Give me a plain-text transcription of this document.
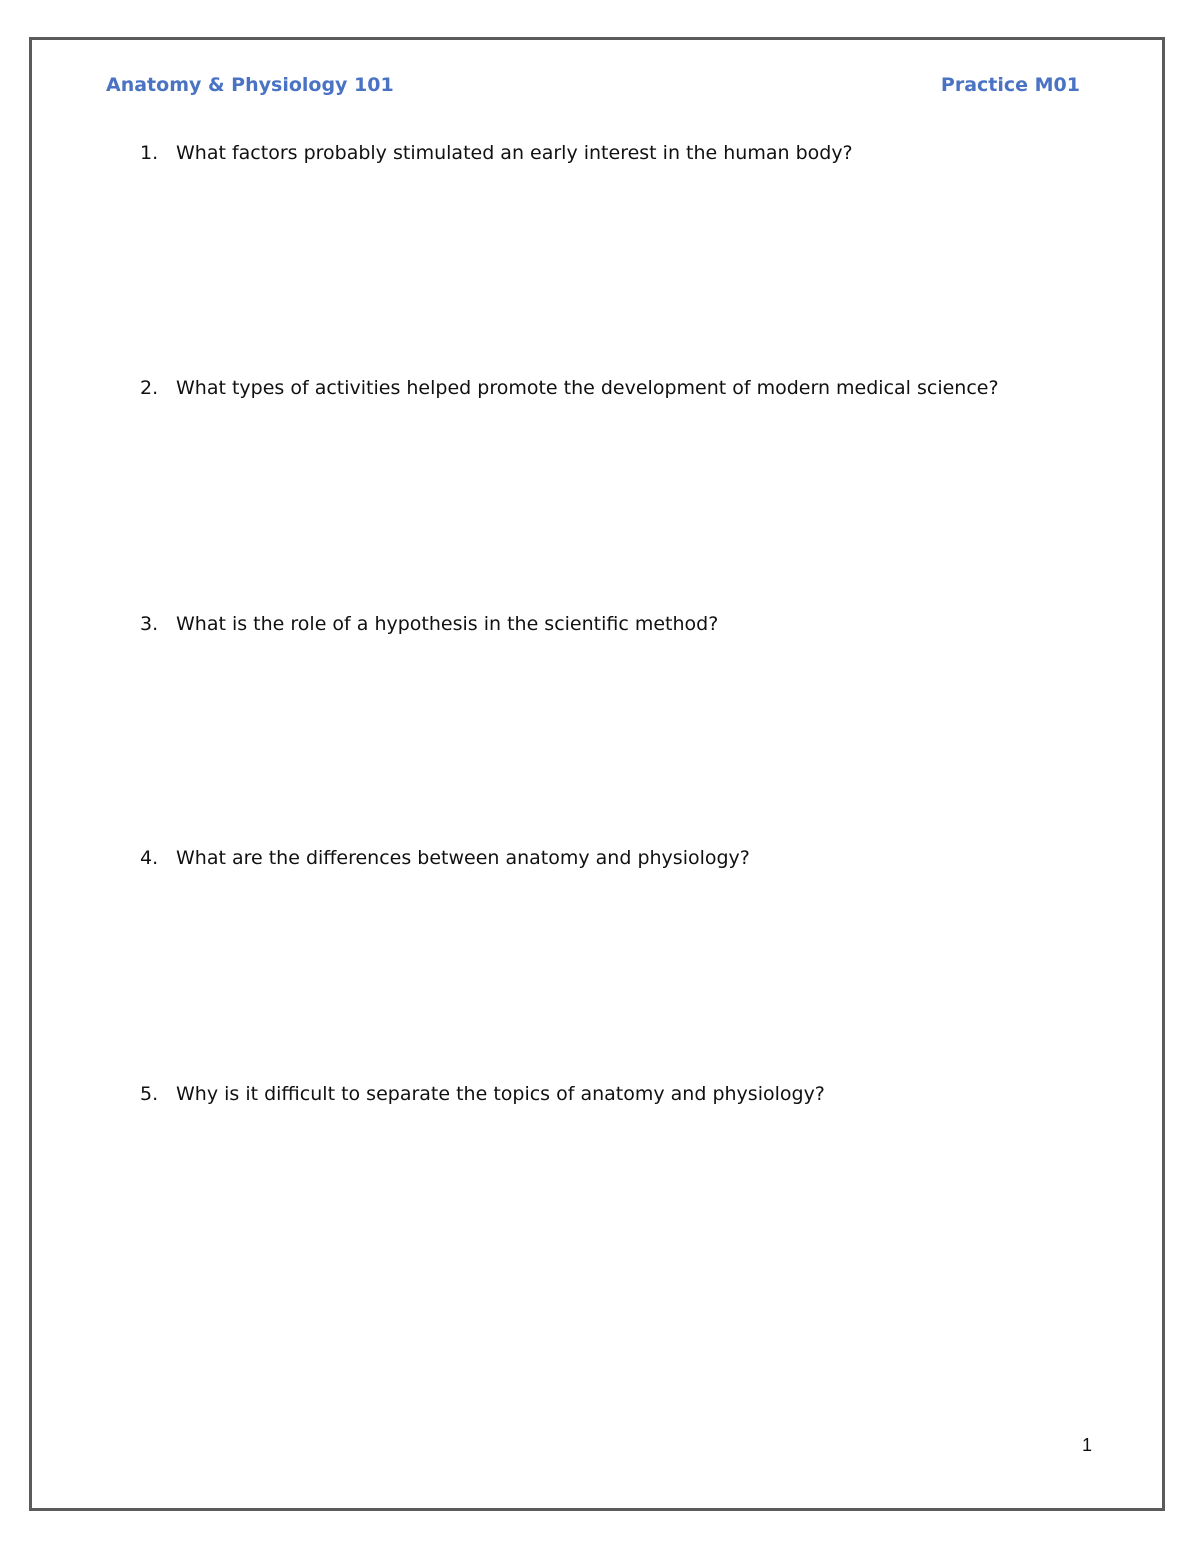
Anatomy & Physiology 101	Practice M01
1. What factors probably stimulated an early interest in the human body?
2. What types of activities helped promote the development of modern medical science?
3. What is the role of a hypothesis in the scientific method?
4. What are the differences between anatomy and physiology?
5. Why is it difficult to separate the topics of anatomy and physiology?
1
